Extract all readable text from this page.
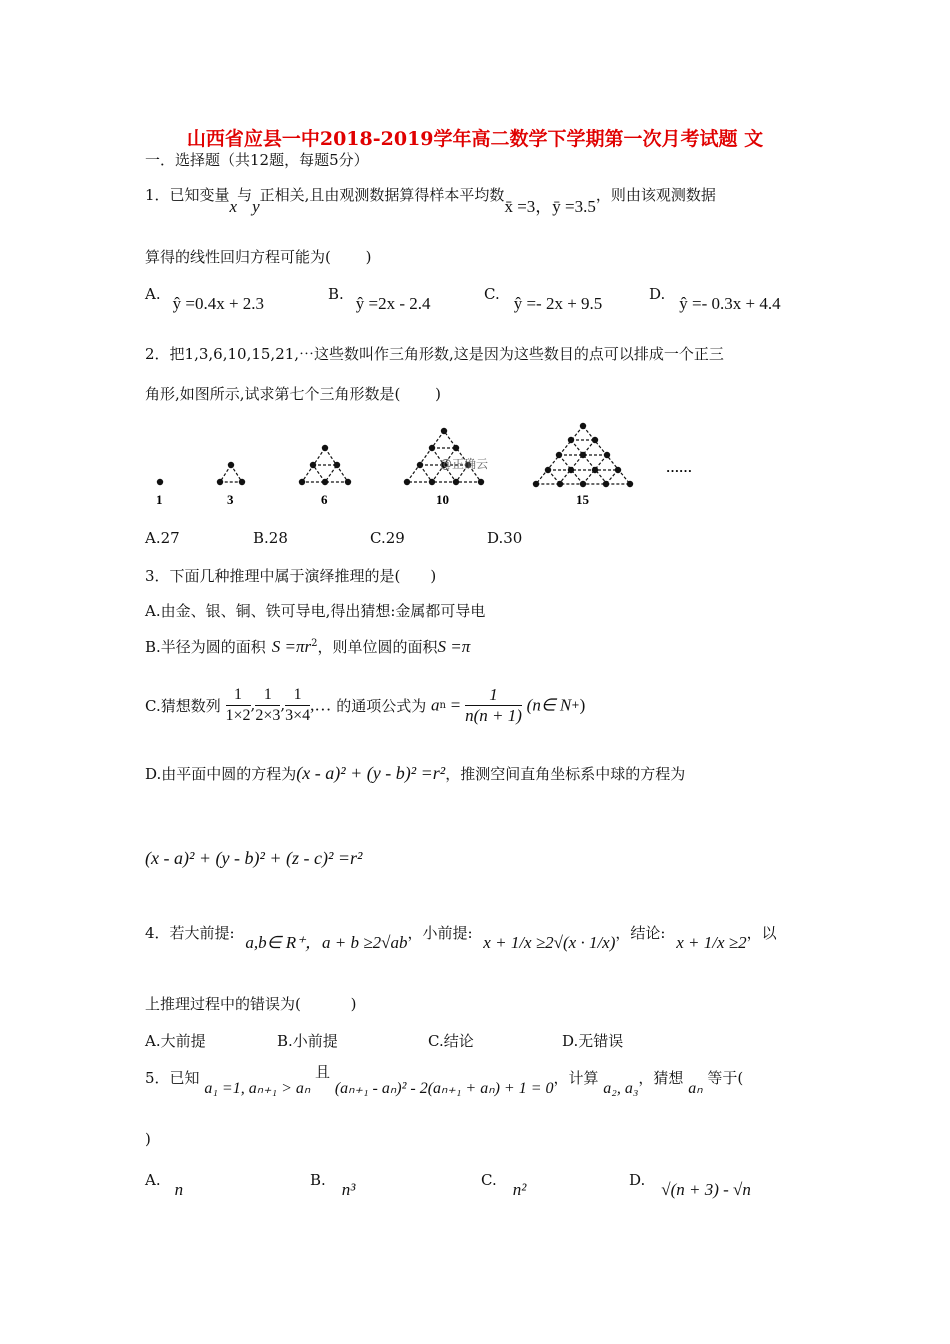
山西省应县一中2018-2019学年高二数学下学期第一次月考试题 文
一．选择题（共12题，每题5分）
1．已知变量x与y正相关,且由观测数据算得样本平均数x̄ =3，ȳ =3.5，则由该观测数据
算得的线性回归方程可能为(　　 )
A. ŷ =0.4x + 2.3	B. ŷ =2x - 2.4	C. ŷ =- 2x + 9.5	D. ŷ =- 0.3x + 4.4
2．把1,3,6,10,15,21,⋯这些数叫作三角形数,这是因为这些数目的点可以排成一个正三
角形,如图所示,试求第七个三角形数是(　　 )
1	3	6	10	15
……
@正确云
A.27	B.28	C.29	D.30
3．下面几种推理中属于演绎推理的是(　　)
A.由金、银、铜、铁可导电,得出猜想:金属都可导电
B.半径为圆的面积 $S =\pi r^2$，则单位圆的面积S =π
C.猜想数列 $\frac{1}{1\times 2}$ , $\frac{1}{2\times 3}$ , $\frac{1}{3\times 4}$ ,… 的通项公式为 an = $\frac{1}{n(n + 1)}$ (n∈ N+)
D.由平面中圆的方程为(x - a)² + (y - b)² =r²，推测空间直角坐标系中球的方程为
(x - a)² + (y - b)² + (z - c)² =r²
4．若大前提: a,b∈ R⁺，a + b ≥2√ab，小前提: x + 1/x ≥2√(x · 1/x)，结论: x + 1/x ≥2，以
上推理过程中的错误为(　　 　)
A.大前提	B.小前提	C.结论	D.无错误
5．已知 a₁ =1, aₙ₊₁ > aₙ 且 (aₙ₊₁ - aₙ)² - 2(aₙ₊₁ + aₙ) + 1 = 0，计算 a₂, a₃，猜想 aₙ 等于(
)
A. n	B. n³	C. n²	D. √(n + 3) - √n
